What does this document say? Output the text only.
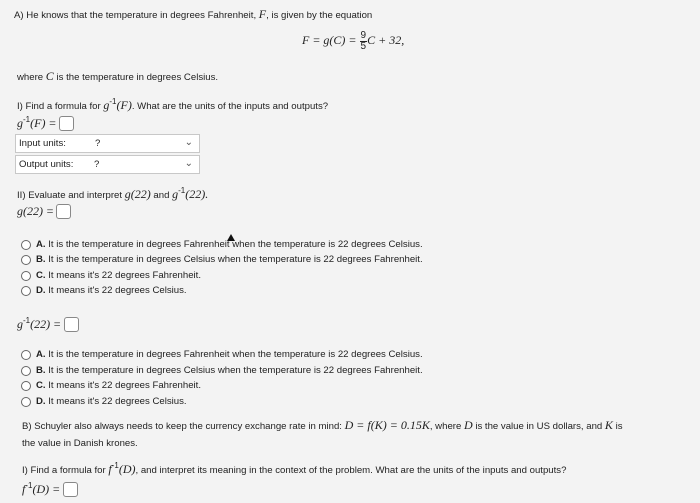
A) He knows that the temperature in degrees Fahrenheit, F, is given by the equation
$F = g(C) = \frac{9}{5}$ C + 32,
where C is the temperature in degrees Celsius.
I) Find a formula for $g^{-1}(F)$. What are the units of the inputs and outputs?
$g^{-1}(F)$ =
Input units:	?	⌄
Output units: ?	⌄
II) Evaluate and interpret g(22) and $g^{-1}(22)$.
g(22) =
A. It is the temperature in degrees Fahrenheit when the temperature is 22 degrees Celsius.
B. It is the temperature in degrees Celsius when the temperature is 22 degrees Fahrenheit.
C. It means it's 22 degrees Fahrenheit.
D. It means it's 22 degrees Celsius.
$g^{-1}(22)$ =
A. It is the temperature in degrees Fahrenheit when the temperature is 22 degrees Celsius.
B. It is the temperature in degrees Celsius when the temperature is 22 degrees Fahrenheit.
C. It means it's 22 degrees Fahrenheit.
D. It means it's 22 degrees Celsius.
B) Schuyler also always needs to keep the currency exchange rate in mind: D = f(K) = 0.15K, where D is the value in US dollars, and K is
the value in Danish krones.
I) Find a formula for $f^{-1}(D)$, and interpret its meaning in the context of the problem. What are the units of the inputs and outputs?
$f^{-1}(D)$ =
